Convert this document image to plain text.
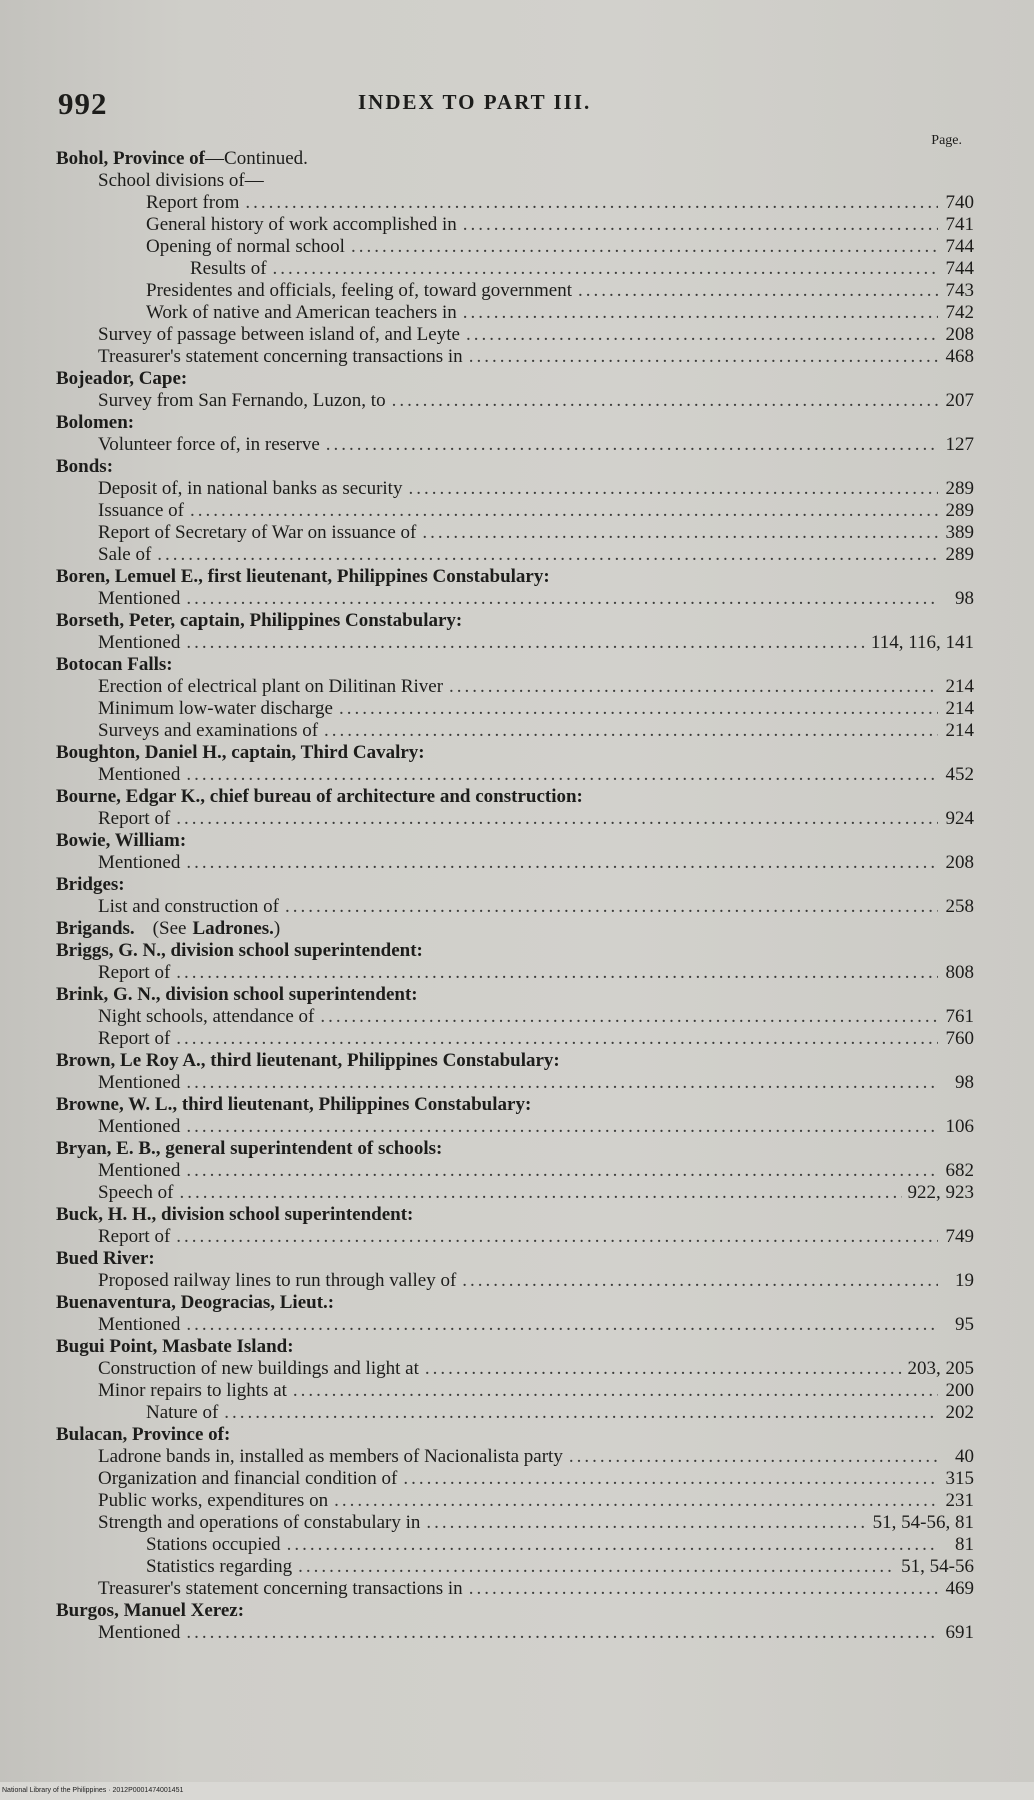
992	INDEX TO PART III.
Page.
Bohol, Province of—Continued.
School divisions of—
Report from .....	740
General history of work accomplished in .....	741
Opening of normal school .....	744
Results of .....	744
Presidentes and officials, feeling of, toward government .....	743
Work of native and American teachers in .....	742
Survey of passage between island of, and Leyte .....	208
Treasurer's statement concerning transactions in .....	468
Bojeador, Cape:
Survey from San Fernando, Luzon, to .....	207
Bolomen:
Volunteer force of, in reserve .....	127
Bonds:
Deposit of, in national banks as security .....	289
Issuance of .....	289
Report of Secretary of War on issuance of .....	389
Sale of .....	289
Boren, Lemuel E., first lieutenant, Philippines Constabulary:
Mentioned .....	98
Borseth, Peter, captain, Philippines Constabulary:
Mentioned .....	114, 116, 141
Botocan Falls:
Erection of electrical plant on Dilitinan River .....	214
Minimum low-water discharge .....	214
Surveys and examinations of .....	214
Boughton, Daniel H., captain, Third Cavalry:
Mentioned .....	452
Bourne, Edgar K., chief bureau of architecture and construction:
Report of .....	924
Bowie, William:
Mentioned .....	208
Bridges:
List and construction of .....	258
Brigands. (See Ladrones.)
Briggs, G. N., division school superintendent:
Report of .....	808
Brink, G. N., division school superintendent:
Night schools, attendance of .....	761
Report of .....	760
Brown, Le Roy A., third lieutenant, Philippines Constabulary:
Mentioned .....	98
Browne, W. L., third lieutenant, Philippines Constabulary:
Mentioned .....	106
Bryan, E. B., general superintendent of schools:
Mentioned .....	682
Speech of .....	922, 923
Buck, H. H., division school superintendent:
Report of .....	749
Bued River:
Proposed railway lines to run through valley of .....	19
Buenaventura, Deogracias, Lieut.:
Mentioned .....	95
Bugui Point, Masbate Island:
Construction of new buildings and light at .....	203, 205
Minor repairs to lights at .....	200
Nature of .....	202
Bulacan, Province of:
Ladrone bands in, installed as members of Nacionalista party .....	40
Organization and financial condition of .....	315
Public works, expenditures on .....	231
Strength and operations of constabulary in .....	51, 54-56, 81
Stations occupied .....	81
Statistics regarding .....	51, 54-56
Treasurer's statement concerning transactions in .....	469
Burgos, Manuel Xerez:
Mentioned .....	691
National Library of the Philippines · 2012P0001474001451
